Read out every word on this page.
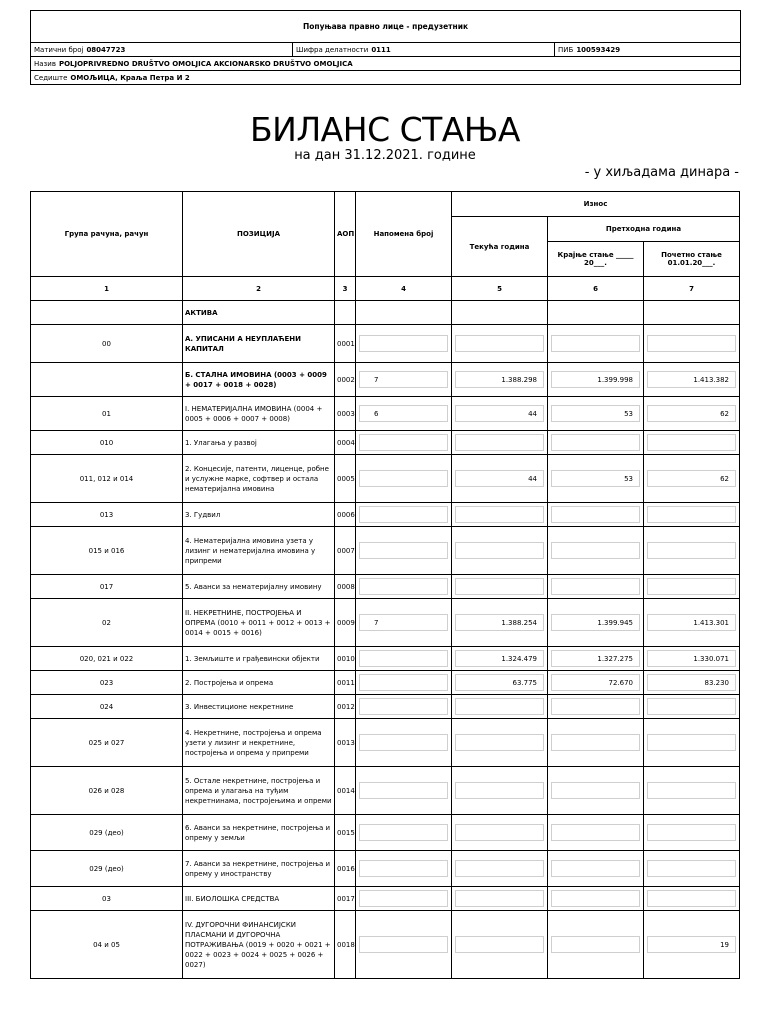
Попуњава правно лице - предузетник
Матични број 08047723	Шифра делатности 0111	ПИБ 100593429
Назив POLJOPRIVREDNO DRUŠTVO OMOLJICA AKCIONARSKO DRUŠTVO OMOLJICA
Седиште ОМОЉИЦА, Краља Петра И 2
БИЛАНС СТАЊА
на дан 31.12.2021. године
- у хиљадама динара -
Група рачуна, рачун	ПОЗИЦИЈА	АОП	Напомена број	Износ		
				Текућа година	Претходна година	
					Крајње стање _____ 20___.	Почетно стање 01.01.20___.
1	2	3	4	5	6	7
	АКТИВА					
00	А. УПИСАНИ А НЕУПЛАЋЕНИ КАПИТАЛ	0001	

	Б. СТАЛНА ИМОВИНА (0003 + 0009 + 0017 + 0018 + 0028)	0002	7	1.388.298	1.399.998	1.413.382

01	I. НЕМАТЕРИЈАЛНА ИМОВИНА (0004 + 0005 + 0006 + 0007 + 0008)	0003	6	44	53	62

010	1. Улагања у развој	0004	

011, 012 и 014	2. Концесије, патенти, лиценце, робне и услужне марке, софтвер и остала нематеријална имовина	0005		44	53	62

013	3. Гудвил	0006	

015 и 016	4. Нематеријална имовина узета у лизинг и нематеријална имовина у припреми	0007	

017	5. Аванси за нематеријалну имовину	0008	

02	II. НЕКРЕТНИНЕ, ПОСТРОЈЕЊА И ОПРЕМА (0010 + 0011 + 0012 + 0013 + 0014 + 0015 + 0016)	0009	7	1.388.254	1.399.945	1.413.301

020, 021 и 022	1. Земљиште и грађевински објекти	0010		1.324.479	1.327.275	1.330.071

023	2. Постројења и опрема	0011		63.775	72.670	83.230

024	3. Инвестиционе некретнине	0012	

025 и 027	4. Некретнине, постројења и опрема узети у лизинг и некретнине, постројења и опрема у припреми	0013	

026 и 028	5. Остале некретнине, постројења и опрема и улагања на туђим некретнинама, постројењима и опреми	0014	

029 (део)	6. Аванси за некретнине, постројења и опрему у земљи	0015	

029 (део)	7. Аванси за некретнине, постројења и опрему у иностранству	0016	

03	III. БИОЛОШКА СРЕДСТВА	0017	

04 и 05	IV. ДУГОРОЧНИ ФИНАНСИЈСКИ ПЛАСМАНИ И ДУГОРОЧНА ПОТРАЖИВАЊА (0019 + 0020 + 0021 + 0022 + 0023 + 0024 + 0025 + 0026 + 0027)	0018				19
